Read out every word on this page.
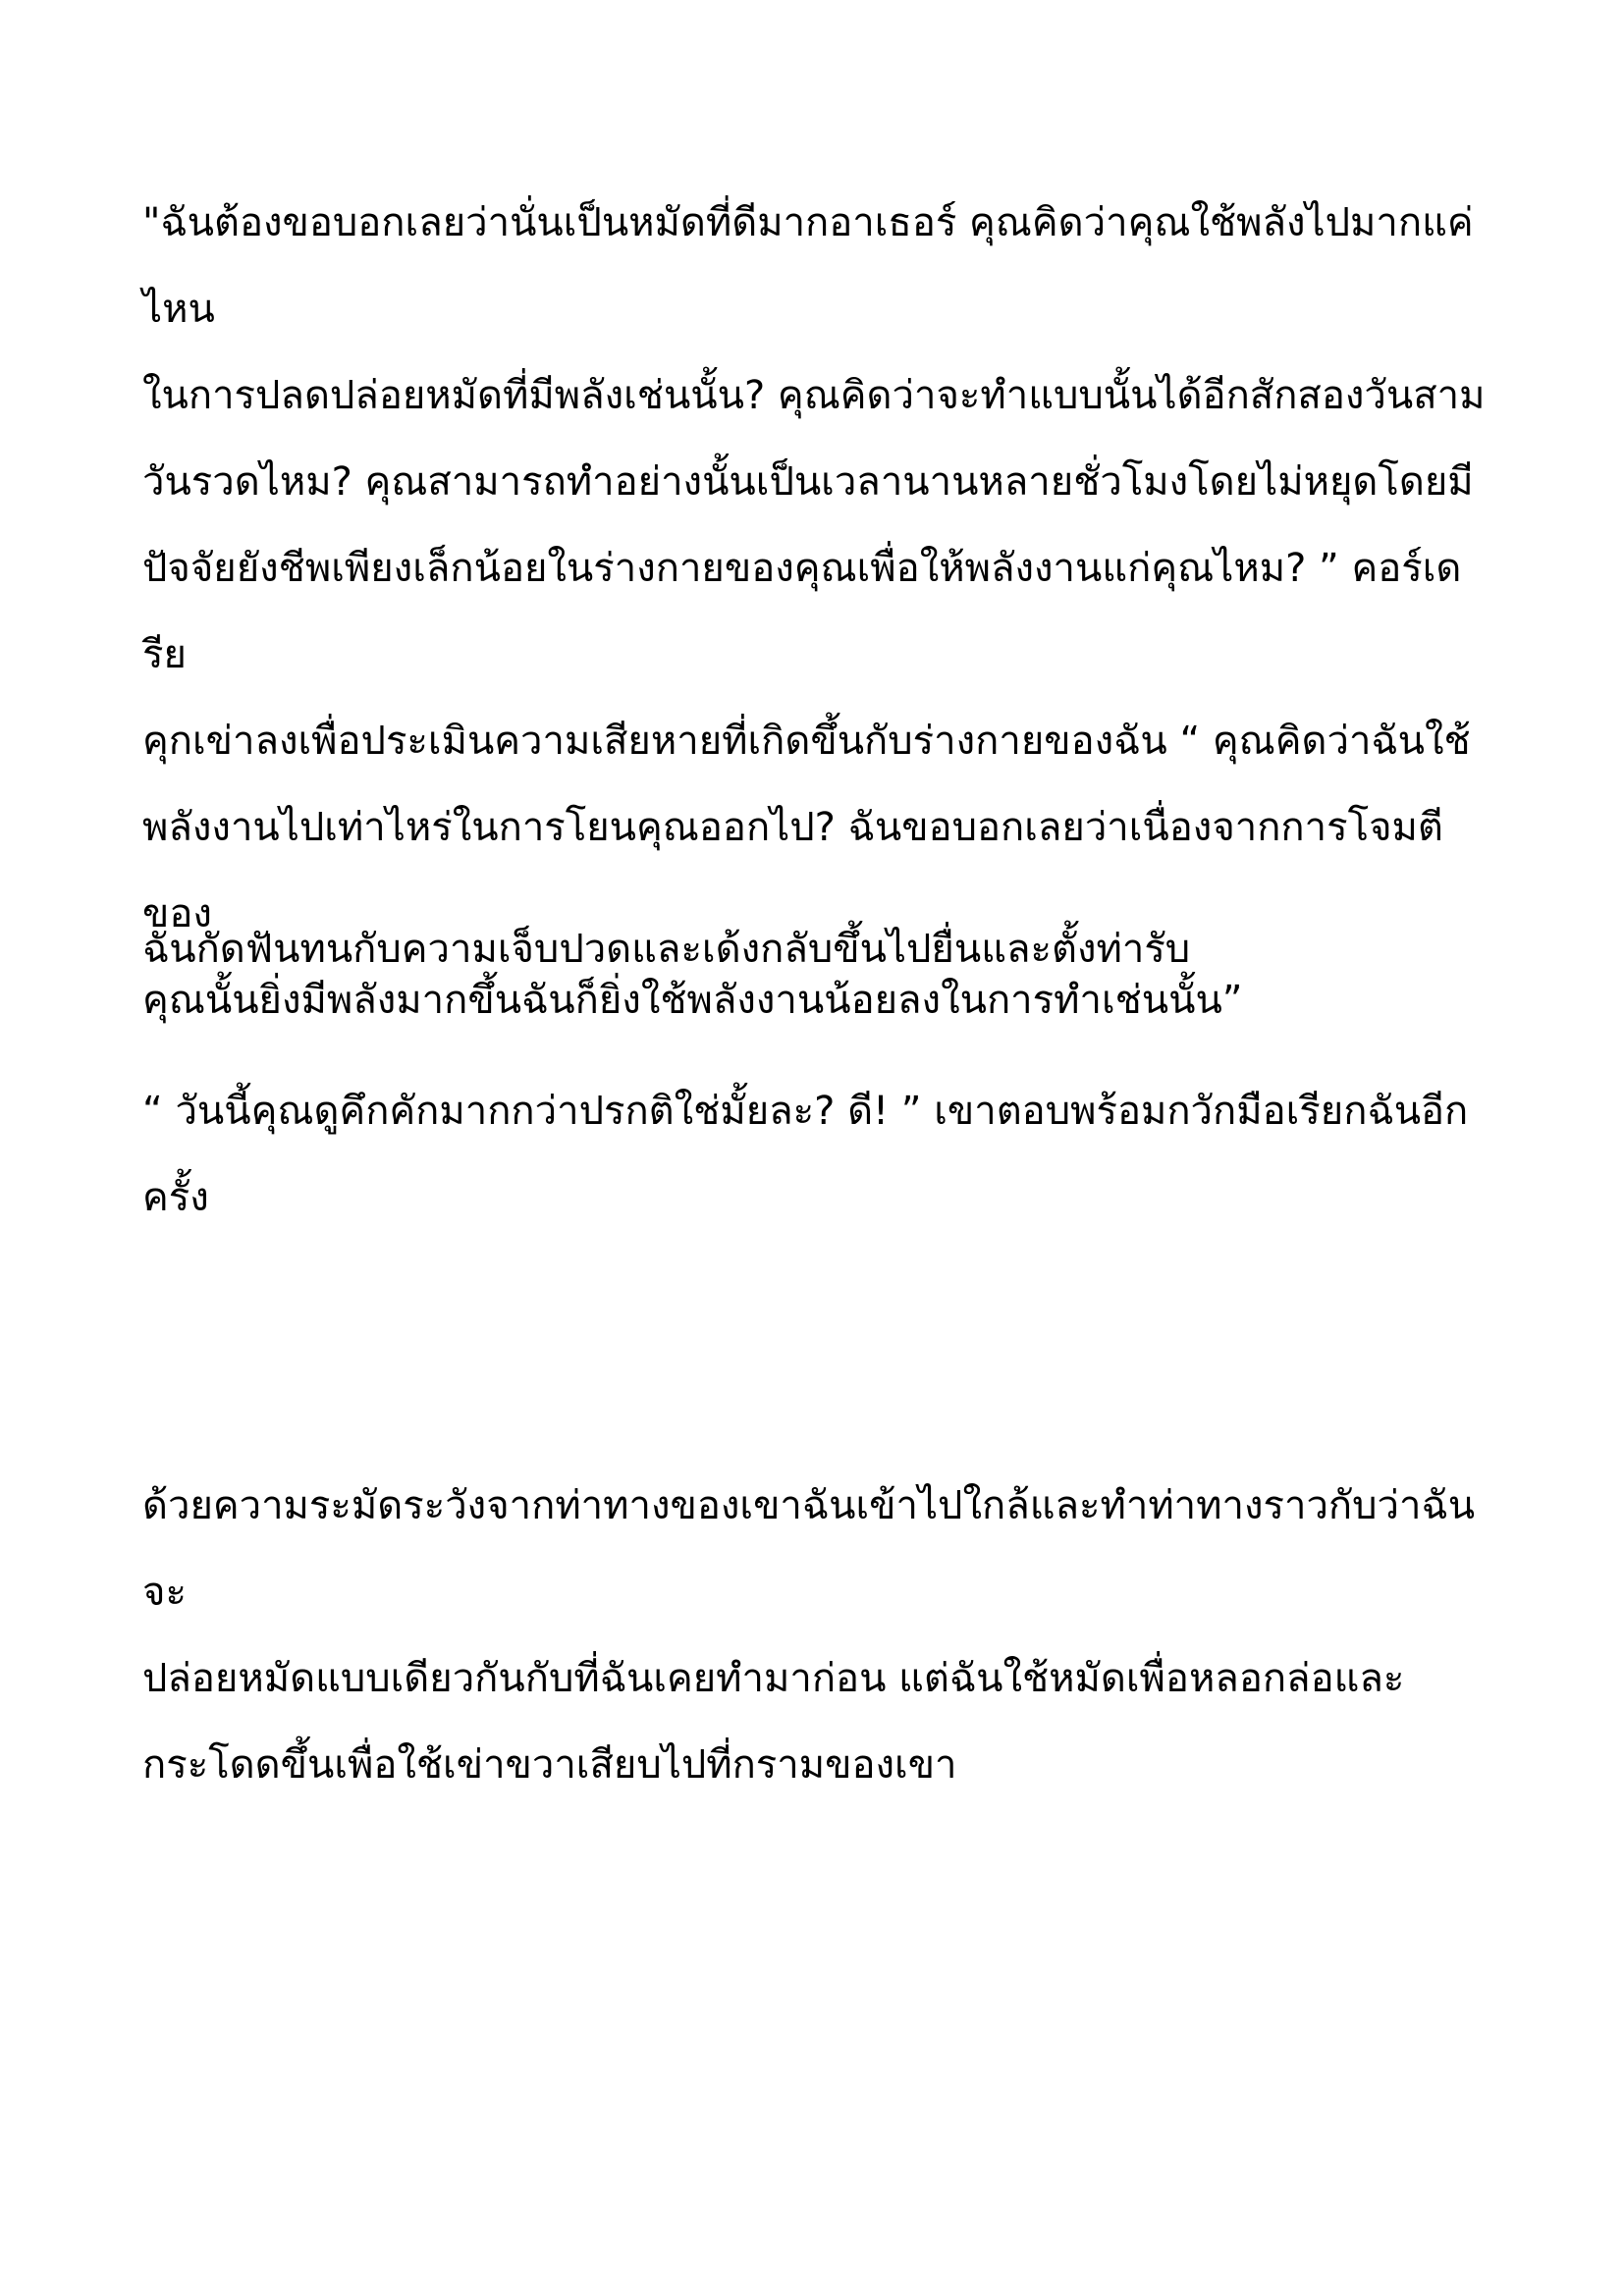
"ฉันต้องขอบอกเลยว่านั่นเป็นหมัดที่ดีมากอาเธอร์ คุณคิดว่าคุณใช้พลังไปมากแค่ไหน
ในการปลดปล่อยหมัดที่มีพลังเช่นนั้น? คุณคิดว่าจะทำแบบนั้นได้อีกสักสองวันสาม
วันรวดไหม? คุณสามารถทำอย่างนั้นเป็นเวลานานหลายชั่วโมงโดยไม่หยุดโดยมี
ปัจจัยยังชีพเพียงเล็กน้อยในร่างกายของคุณเพื่อให้พลังงานแก่คุณไหม? ” คอร์เดรีย
คุกเข่าลงเพื่อประเมินความเสียหายที่เกิดขึ้นกับร่างกายของฉัน “ คุณคิดว่าฉันใช้
พลังงานไปเท่าไหร่ในการโยนคุณออกไป? ฉันขอบอกเลยว่าเนื่องจากการโจมตีของ
คุณนั้นยิ่งมีพลังมากขึ้นฉันก็ยิ่งใช้พลังงานน้อยลงในการทำเช่นนั้น”
ฉันกัดฟันทนกับความเจ็บปวดและเด้งกลับขึ้นไปยื่นและตั้งท่ารับ
“ วันนี้คุณดูคึกคักมากกว่าปรกติใช่มั้ยละ? ดี! ” เขาตอบพร้อมกวักมือเรียกฉันอีก
ครั้ง
ด้วยความระมัดระวังจากท่าทางของเขาฉันเข้าไปใกล้และทำท่าทางราวกับว่าฉันจะ
ปล่อยหมัดแบบเดียวกันกับที่ฉันเคยทำมาก่อน แต่ฉันใช้หมัดเพื่อหลอกล่อและ
กระโดดขึ้นเพื่อใช้เข่าขวาเสียบไปที่กรามของเขา
